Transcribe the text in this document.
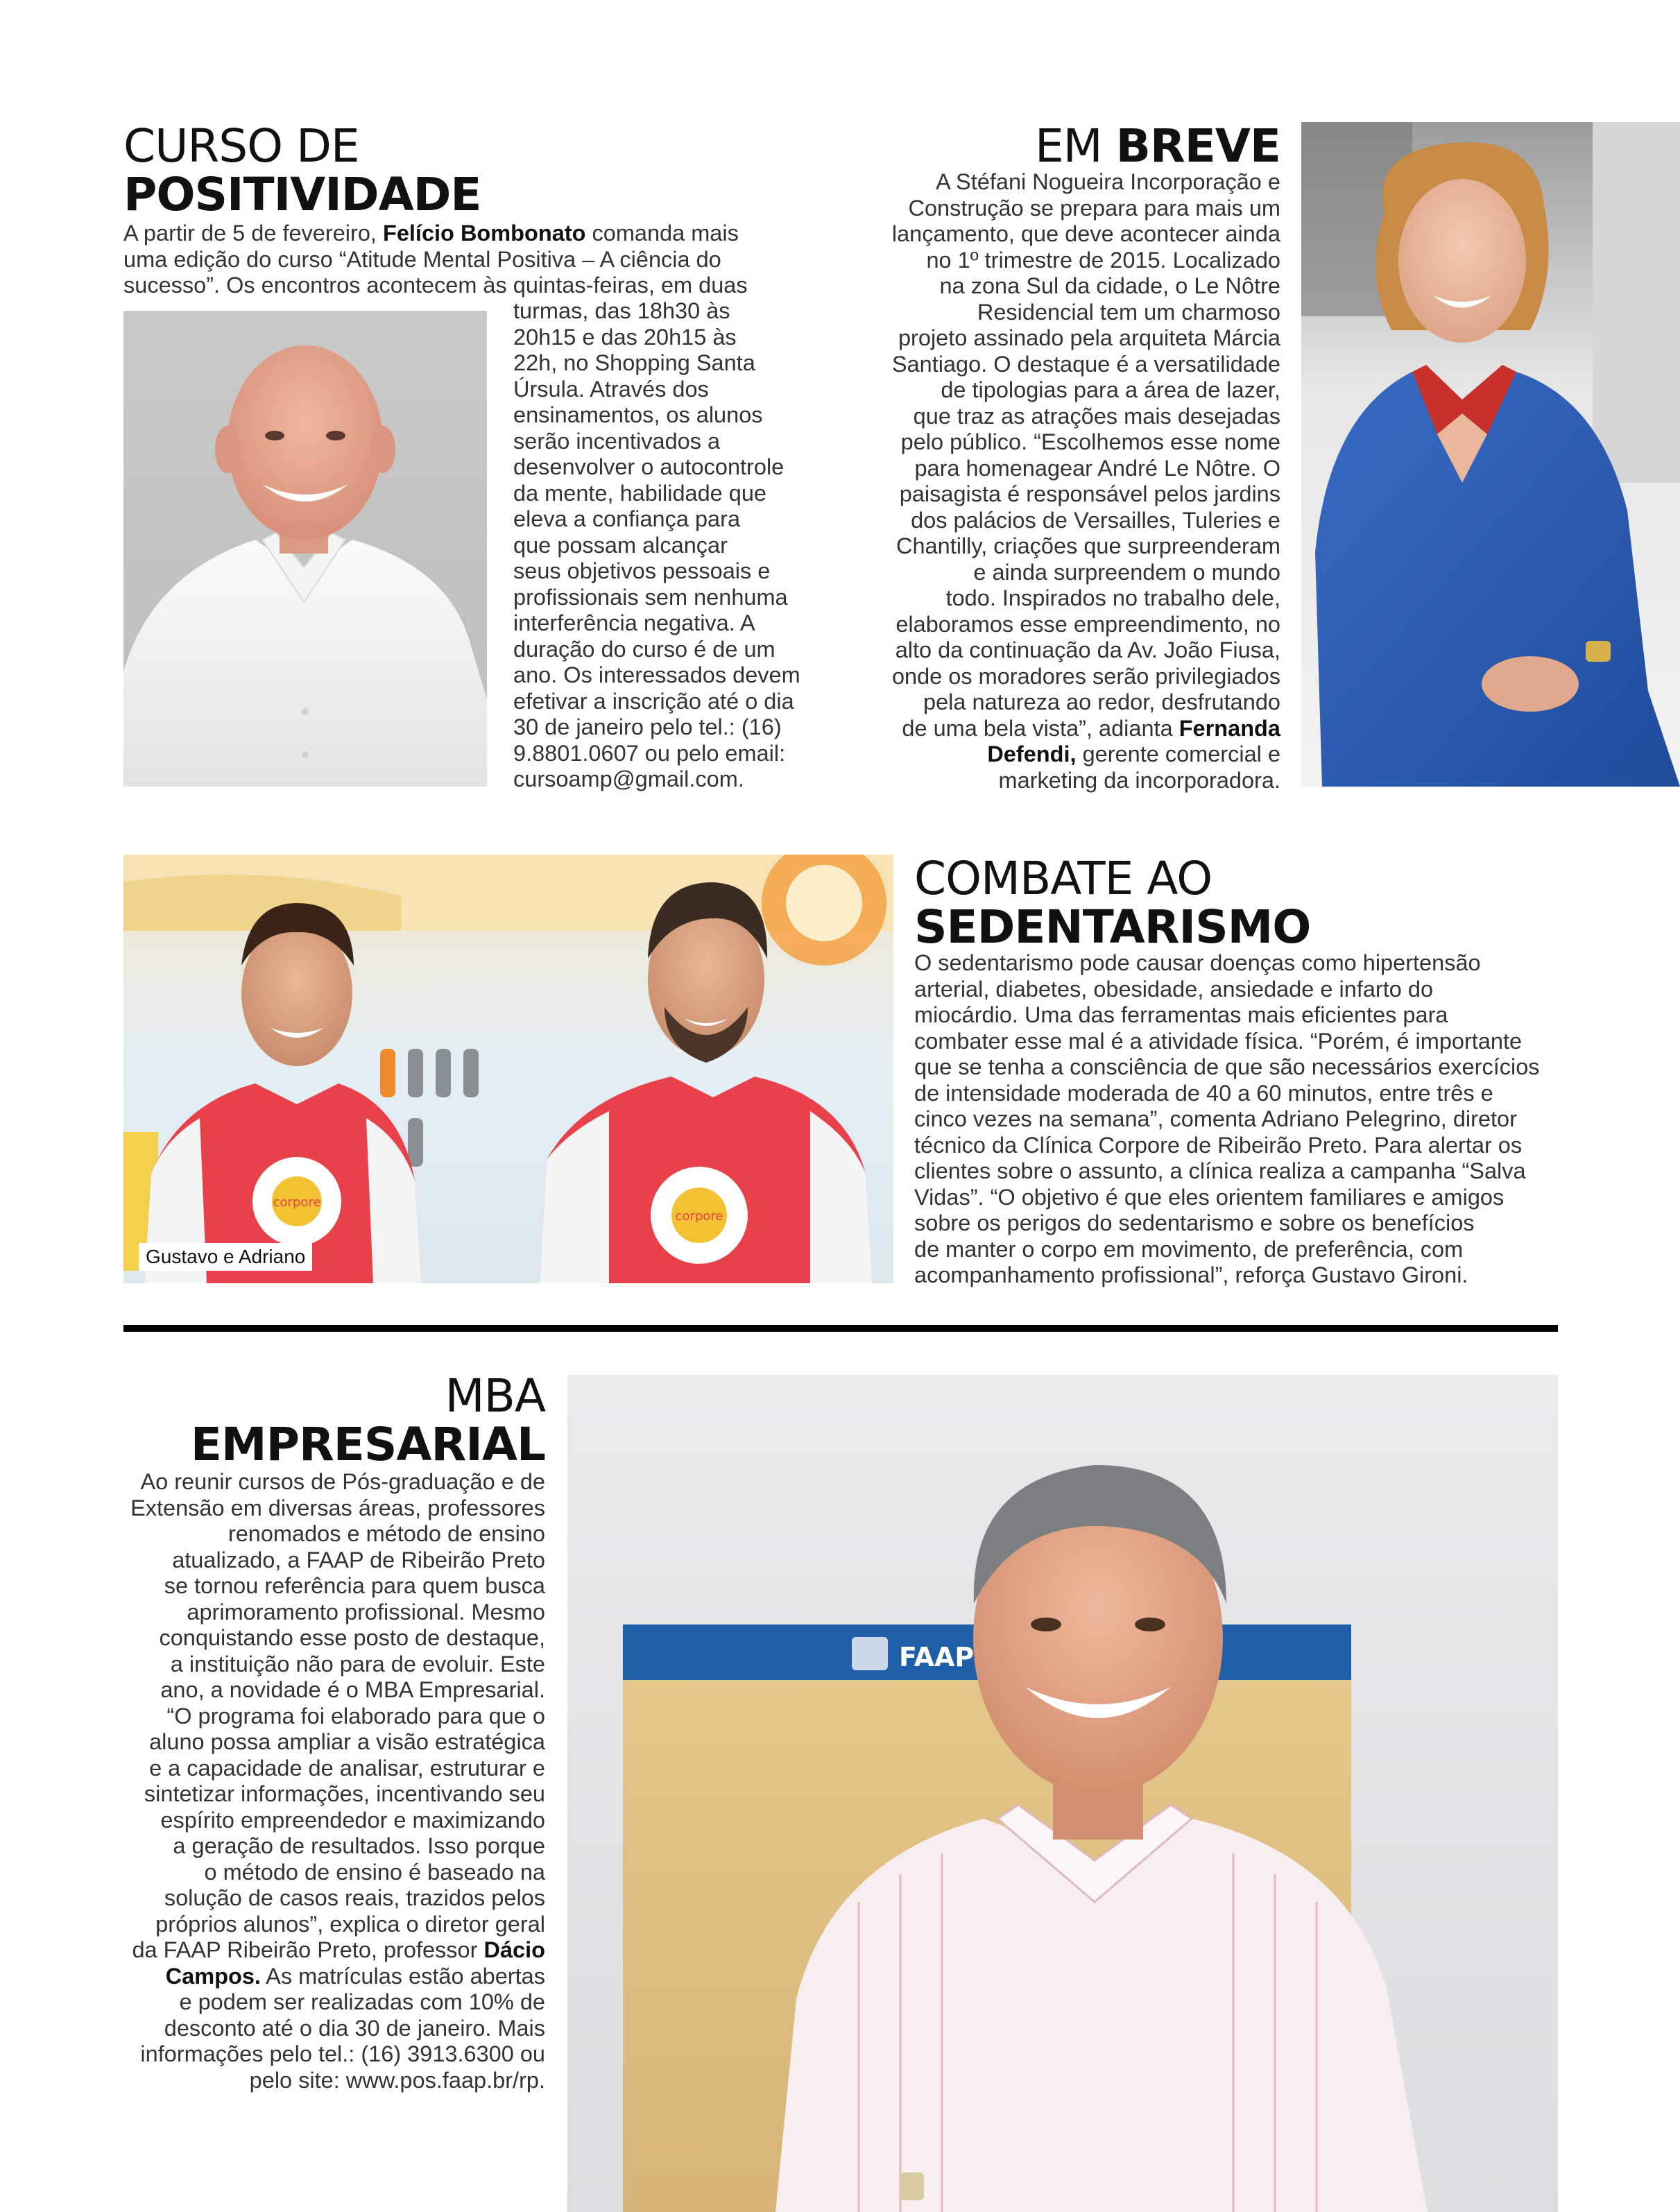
CURSO DE
POSITIVIDADE
A partir de 5 de fevereiro, Felício Bombonato comanda mais
uma edição do curso “Atitude Mental Positiva – A ciência do
sucesso”. Os encontros acontecem às quintas-feiras, em duas
turmas, das 18h30 às
20h15 e das 20h15 às
22h, no Shopping Santa
Úrsula. Através dos
ensinamentos, os alunos
serão incentivados a
desenvolver o autocontrole
da mente, habilidade que
eleva a confiança para
que possam alcançar
seus objetivos pessoais e
profissionais sem nenhuma
interferência negativa. A
duração do curso é de um
ano. Os interessados devem
efetivar a inscrição até o dia
30 de janeiro pelo tel.: (16)
9.8801.0607 ou pelo email:
cursoamp@gmail.com.
EM BREVE
A Stéfani Nogueira Incorporação e
Construção se prepara para mais um
lançamento, que deve acontecer ainda
no 1º trimestre de 2015. Localizado
na zona Sul da cidade, o Le Nôtre
Residencial tem um charmoso
projeto assinado pela arquiteta Márcia
Santiago. O destaque é a versatilidade
de tipologias para a área de lazer,
que traz as atrações mais desejadas
pelo público. “Escolhemos esse nome
para homenagear André Le Nôtre. O
paisagista é responsável pelos jardins
dos palácios de Versailles, Tuleries e
Chantilly, criações que surpreenderam
e ainda surpreendem o mundo
todo. Inspirados no trabalho dele,
elaboramos esse empreendimento, no
alto da continuação da Av. João Fiusa,
onde os moradores serão privilegiados
pela natureza ao redor, desfrutando
de uma bela vista”, adianta Fernanda
Defendi, gerente comercial e
marketing da incorporadora.
corpore
corpore
Gustavo e Adriano
COMBATE AO
SEDENTARISMO
O sedentarismo pode causar doenças como hipertensão
arterial, diabetes, obesidade, ansiedade e infarto do
miocárdio. Uma das ferramentas mais eficientes para
combater esse mal é a atividade física. “Porém, é importante
que se tenha a consciência de que são necessários exercícios
de intensidade moderada de 40 a 60 minutos, entre três e
cinco vezes na semana”, comenta Adriano Pelegrino, diretor
técnico da Clínica Corpore de Ribeirão Preto. Para alertar os
clientes sobre o assunto, a clínica realiza a campanha “Salva
Vidas”. “O objetivo é que eles orientem familiares e amigos
sobre os perigos do sedentarismo e sobre os benefícios
de manter o corpo em movimento, de preferência, com
acompanhamento profissional”, reforça Gustavo Gironi.
MBA
EMPRESARIAL
Ao reunir cursos de Pós-graduação e de
Extensão em diversas áreas, professores
renomados e método de ensino
atualizado, a FAAP de Ribeirão Preto
se tornou referência para quem busca
aprimoramento profissional. Mesmo
conquistando esse posto de destaque,
a instituição não para de evoluir. Este
ano, a novidade é o MBA Empresarial.
“O programa foi elaborado para que o
aluno possa ampliar a visão estratégica
e a capacidade de analisar, estruturar e
sintetizar informações, incentivando seu
espírito empreendedor e maximizando
a geração de resultados. Isso porque
o método de ensino é baseado na
solução de casos reais, trazidos pelos
próprios alunos”, explica o diretor geral
da FAAP Ribeirão Preto, professor Dácio
Campos. As matrículas estão abertas
e podem ser realizadas com 10% de
desconto até o dia 30 de janeiro. Mais
informações pelo tel.: (16) 3913.6300 ou
pelo site: www.pos.faap.br/rp.
FAAP
